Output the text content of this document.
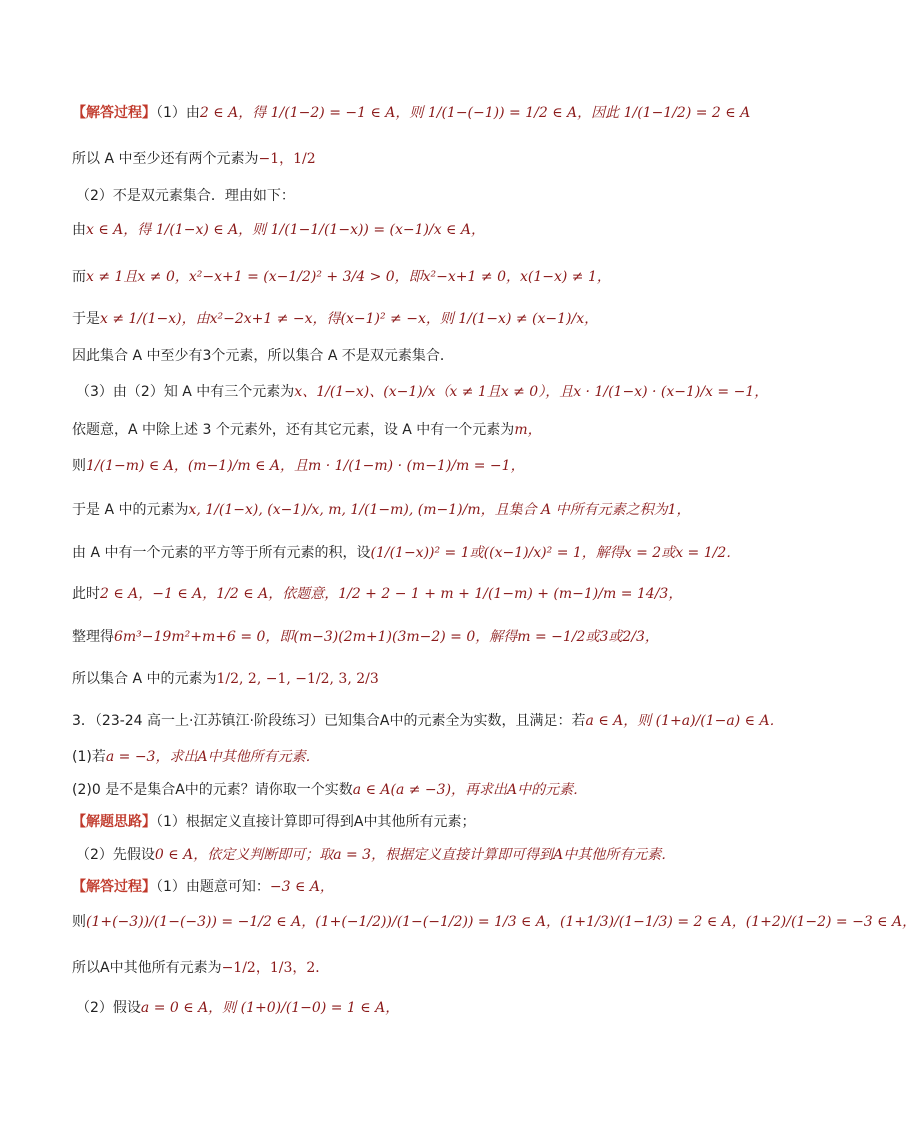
【解答过程】（1）由2 ∈ A，得 1/(1−2) = −1 ∈ A，则 1/(1−(−1)) = 1/2 ∈ A，因此 1/(1−1/2) = 2 ∈ A
所以 A 中至少还有两个元素为−1，1/2
（2）不是双元素集合．理由如下：
由x ∈ A，得 1/(1−x) ∈ A，则 1/(1−1/(1−x)) = (x−1)/x ∈ A，
而x ≠ 1且x ≠ 0，x²−x+1 = (x−1/2)² + 3/4 > 0，即x²−x+1 ≠ 0，x(1−x) ≠ 1，
于是x ≠ 1/(1−x)，由x²−2x+1 ≠ −x，得(x−1)² ≠ −x，则 1/(1−x) ≠ (x−1)/x，
因此集合 A 中至少有3个元素，所以集合 A 不是双元素集合．
（3）由（2）知 A 中有三个元素为x、1/(1−x)、(x−1)/x（x ≠ 1且x ≠ 0），且x · 1/(1−x) · (x−1)/x = −1，
依题意，A 中除上述 3 个元素外，还有其它元素，设 A 中有一个元素为m，
则1/(1−m) ∈ A，(m−1)/m ∈ A，且m · 1/(1−m) · (m−1)/m = −1，
于是 A 中的元素为x, 1/(1−x), (x−1)/x, m, 1/(1−m), (m−1)/m，且集合 A 中所有元素之积为1，
由 A 中有一个元素的平方等于所有元素的积，设(1/(1−x))² = 1或((x−1)/x)² = 1，解得x = 2或x = 1/2．
此时2 ∈ A，−1 ∈ A，1/2 ∈ A，依题意，1/2 + 2 − 1 + m + 1/(1−m) + (m−1)/m = 14/3，
整理得6m³−19m²+m+6 = 0，即(m−3)(2m+1)(3m−2) = 0，解得m = −1/2或3或2/3，
所以集合 A 中的元素为1/2, 2, −1, −1/2, 3, 2/3
3．（23-24 高一上·江苏镇江·阶段练习）已知集合A中的元素全为实数，且满足：若a ∈ A，则 (1+a)/(1−a) ∈ A．
(1)若a = −3，求出A中其他所有元素．
(2)0 是不是集合A中的元素？请你取一个实数a ∈ A(a ≠ −3)，再求出A中的元素．
【解题思路】（1）根据定义直接计算即可得到A中其他所有元素；
（2）先假设0 ∈ A，依定义判断即可；取a = 3，根据定义直接计算即可得到A中其他所有元素．
【解答过程】（1）由题意可知：−3 ∈ A，
则(1+(−3))/(1−(−3)) = −1/2 ∈ A，(1+(−1/2))/(1−(−1/2)) = 1/3 ∈ A，(1+1/3)/(1−1/3) = 2 ∈ A，(1+2)/(1−2) = −3 ∈ A，
所以A中其他所有元素为−1/2，1/3，2．
（2）假设a = 0 ∈ A，则 (1+0)/(1−0) = 1 ∈ A，
